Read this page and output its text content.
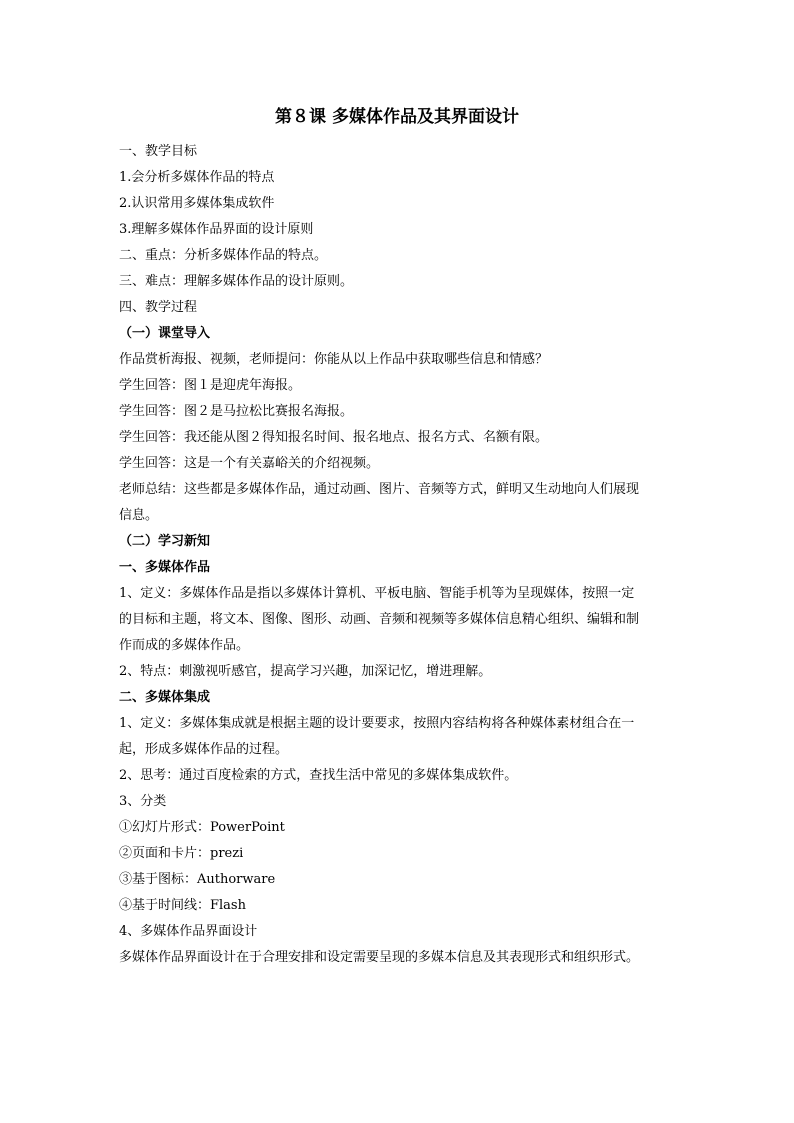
第８课 多媒体作品及其界面设计
一、教学目标
1.会分析多媒体作品的特点
2.认识常用多媒体集成软件
3.理解多媒体作品界面的设计原则
二、重点：分析多媒体作品的特点。
三、难点：理解多媒体作品的设计原则。
四、教学过程
（一）课堂导入
作品赏析海报、视频，老师提问：你能从以上作品中获取哪些信息和情感？
学生回答：图１是迎虎年海报。
学生回答：图２是马拉松比赛报名海报。
学生回答：我还能从图２得知报名时间、报名地点、报名方式、名额有限。
学生回答：这是一个有关嘉峪关的介绍视频。
老师总结：这些都是多媒体作品，通过动画、图片、音频等方式，鲜明又生动地向人们展现
信息。
（二）学习新知
一、多媒体作品
1、定义：多媒体作品是指以多媒体计算机、平板电脑、智能手机等为呈现媒体，按照一定
的目标和主题，将文本、图像、图形、动画、音频和视频等多媒体信息精心组织、编辑和制
作而成的多媒体作品。
2、特点：刺激视听感官，提高学习兴趣，加深记忆，增进理解。
二、多媒体集成
1、定义：多媒体集成就是根据主题的设计要要求，按照内容结构将各种媒体素材组合在一
起，形成多媒体作品的过程。
2、思考：通过百度检索的方式，查找生活中常见的多媒体集成软件。
3、分类
①幻灯片形式：PowerPoint
②页面和卡片：prezi
③基于图标：Authorware
④基于时间线：Flash
4、多媒体作品界面设计
多媒体作品界面设计在于合理安排和设定需要呈现的多媒本信息及其表现形式和组织形式。
